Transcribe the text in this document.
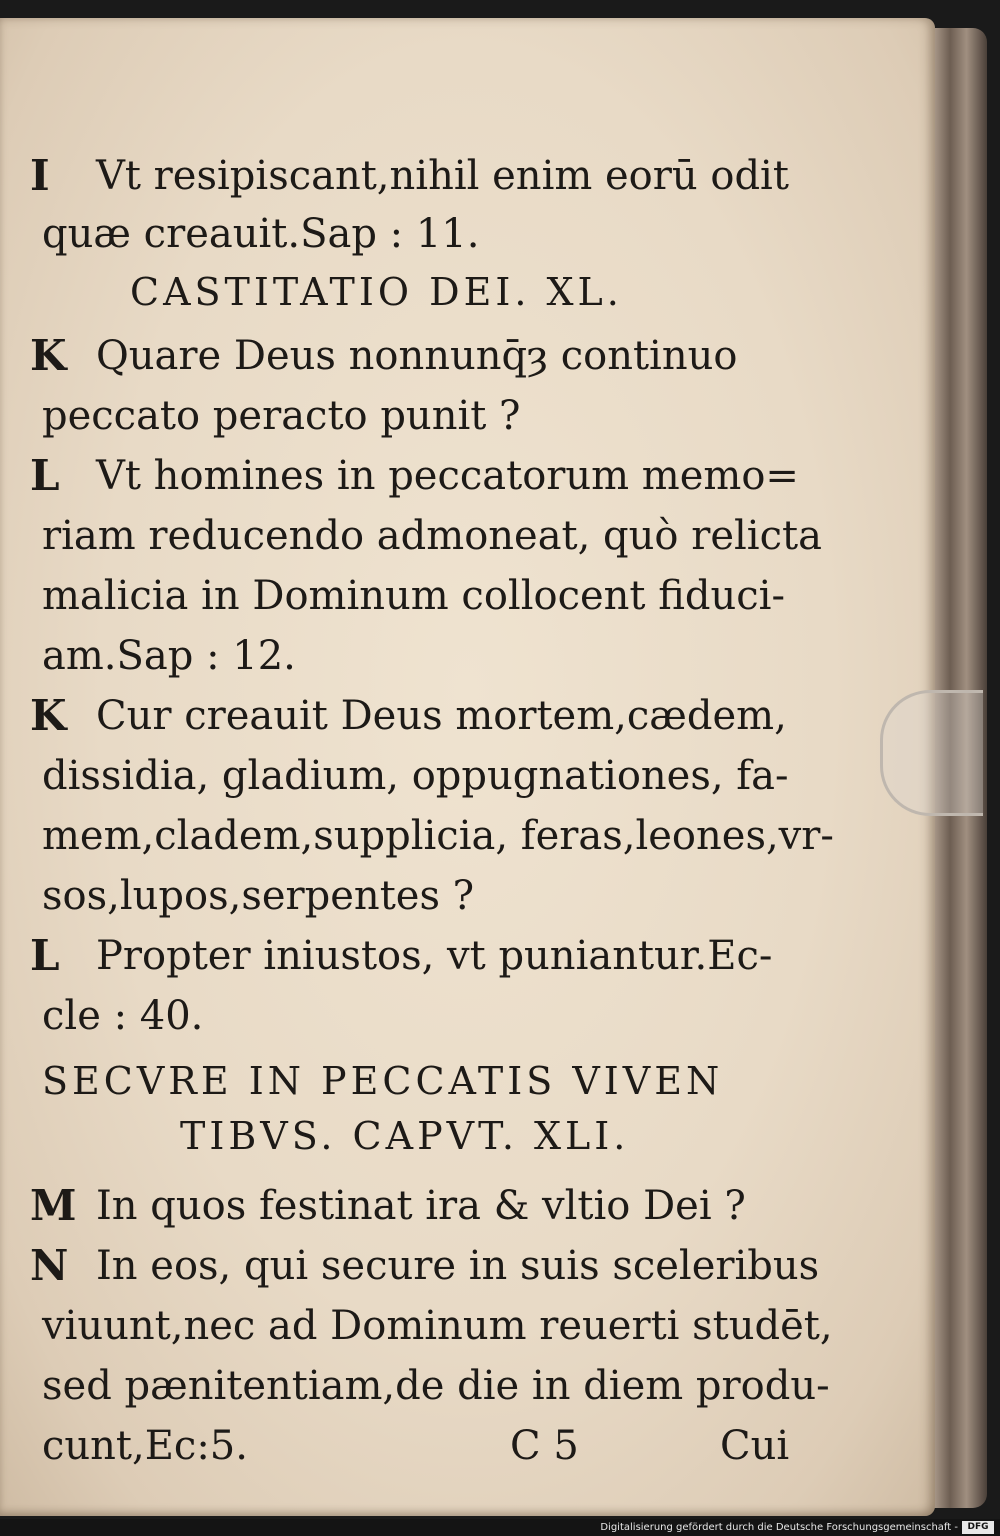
I	Vt resipiscant,nihil enim eorū odit
quæ creauit.Sap : 11.
CASTITATIO DEI. XL.
K Quare Deus nonnunq̄ȝ continuo
peccato peracto punit ?
L Vt homines in peccatorum memo=
riam reducendo admoneat, quò relicta
malicia in Dominum collocent fiduci-
am.Sap : 12.
K Cur creauit Deus mortem,cædem,
dissidia, gladium, oppugnationes, fa-
mem,cladem,supplicia, feras,leones,vr-
sos,lupos,serpentes ?
L Propter iniustos, vt puniantur.Ec-
cle : 40.
SECVRE IN PECCATIS VIVEN
TIBVS. CAPVT. XLI.
M In quos festinat ira & vltio Dei ?
N In eos, qui secure in suis sceleribus
viuunt,nec ad Dominum reuerti studēt,
sed pænitentiam,de die in diem produ-
cunt,Ec:5.	C 5	Cui
Digitalisierung gefördert durch die Deutsche Forschungsgemeinschaft -	DFG
